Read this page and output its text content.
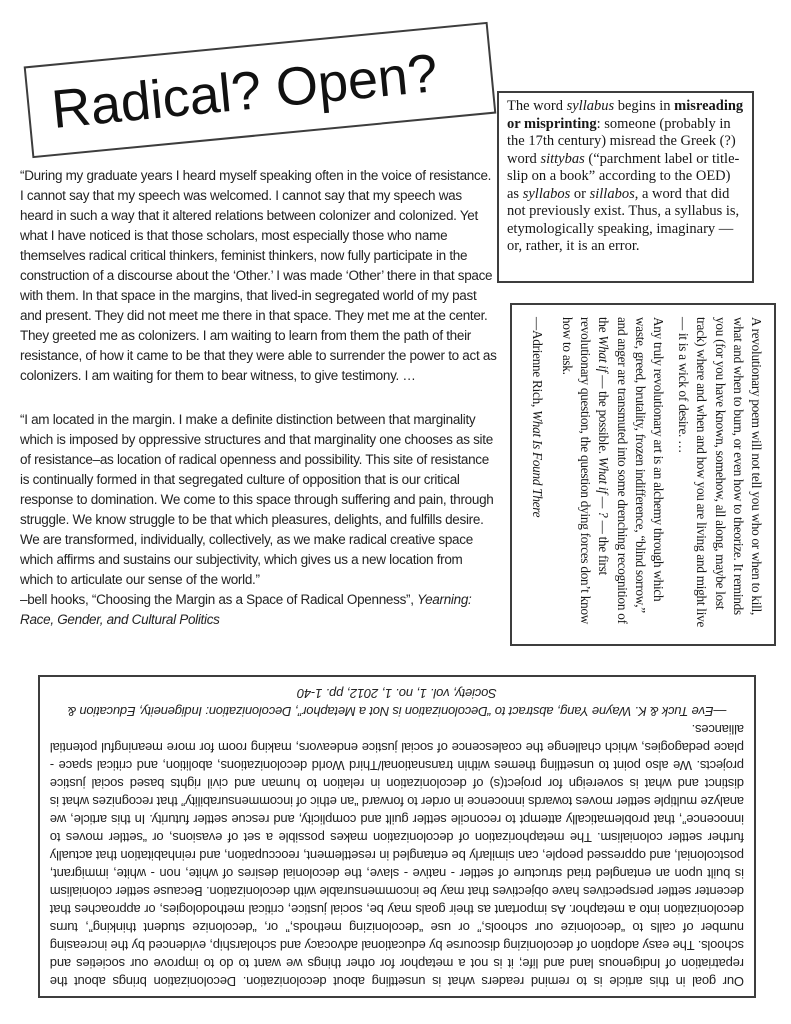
Radical? Open?	The word syllabus begins in misreading or misprinting: someone (probably in the 17th century) misread the Greek (?) word sittybas (“parchment label or title-slip on a book” according to the OED) as syllabos or sillabos, a word that did not previously exist. Thus, a syllabus is, etymologically speaking, imaginary — or, rather, it is an error.

“During my graduate years I heard myself speaking often in the voice of resistance. I cannot say that my speech was welcomed. I cannot say that my speech was heard in such a way that it altered relations between colonizer and colonized. Yet what I have noticed is that those scholars, most especially those who name themselves radical critical thinkers, feminist thinkers, now fully participate in the construction of a discourse about the ‘Other.’ I was made ‘Other’ there in that space with them. In that space in the margins, that lived-in segregated world of my past and present. They did not meet me there in that space. They met me at the center. They greeted me as colonizers. I am waiting to learn from them the path of their resistance, of how it came to be that they were able to surrender the power to act as colonizers. I am waiting for them to bear witness, to give testimony. …

“I am located in the margin. I make a definite distinction between that marginality which is imposed by oppressive structures and that marginality one chooses as site of resistance–as location of radical openness and possibility. This site of resistance is continually formed in that segregated culture of opposition that is our critical response to domination. We come to this space through suffering and pain, through struggle. We know struggle to be that which pleasures, delights, and fulfills desire. We are transformed, individually, collectively, as we make radical creative space which affirms and sustains our subjectivity, which gives us a new location from which to articulate our sense of the world.”

–bell hooks, “Choosing the Margin as a Space of Radical Openness”, Yearning: Race, Gender, and Cultural Politics

A revolutionary poem will not tell you who or when to kill, what and when to burn, or even how to theorize. It reminds you (for you have known, somehow, all along, maybe lost track) where and when and how you are living and might live — it is a wick of desire. …

Any truly revolutionary art is an alchemy through which waste, greed, brutality, frozen indifference, “blind sorrow,” and anger are transmuted into some drenching recognition of the What if — the possible. What if — ? — the first revolutionary question, the question dying forces don’t know how to ask.

—Adrienne Rich, What Is Found There

Our goal in this article is to remind readers what is unsettling about decolonization. Decolonization brings about the repatriation of Indigenous land and life; it is not a metaphor for other things we want to do to improve our societies and schools. The easy adoption of decolonizing discourse by educational advocacy and scholarship, evidenced by the increasing number of calls to “decolonize our schools,” or use “decolonizing methods,” or, “decolonize student thinking”, turns decolonization into a metaphor. As important as their goals may be, social justice, critical methodologies, or approaches that decenter settler perspectives have objectives that may be incommensurable with decolonization. Because settler colonialism is built upon an entangled triad structure of settler - native - slave, the decolonial desires of white, non - white, immigrant, postcolonial, and oppressed people, can similarly be entangled in resettlement, reoccupation, and reinhabitation that actually further settler colonialism. The metaphorization of decolonization makes possible a set of evasions, or “settler moves to innocence”, that problematically attempt to reconcile settler guilt and complicity, and rescue settler futurity. In this article, we analyze multiple settler moves towards innocence in order to forward “an ethic of incommensurability” that recognizes what is distinct and what is sovereign for project(s) of decolonization in relation to human and civil rights based social justice projects. We also point to unsettling themes within transnational/Third World decolonizations, abolition, and critical space - place pedagogies, which challenge the coalescence of social justice endeavors, making room for more meaningful potential alliances.

—Eve Tuck & K. Wayne Yang, abstract to “Decolonization is Not a Metaphor”, Decolonization: Indigeneity, Education & Society, vol. 1, no. 1, 2012, pp. 1-40
